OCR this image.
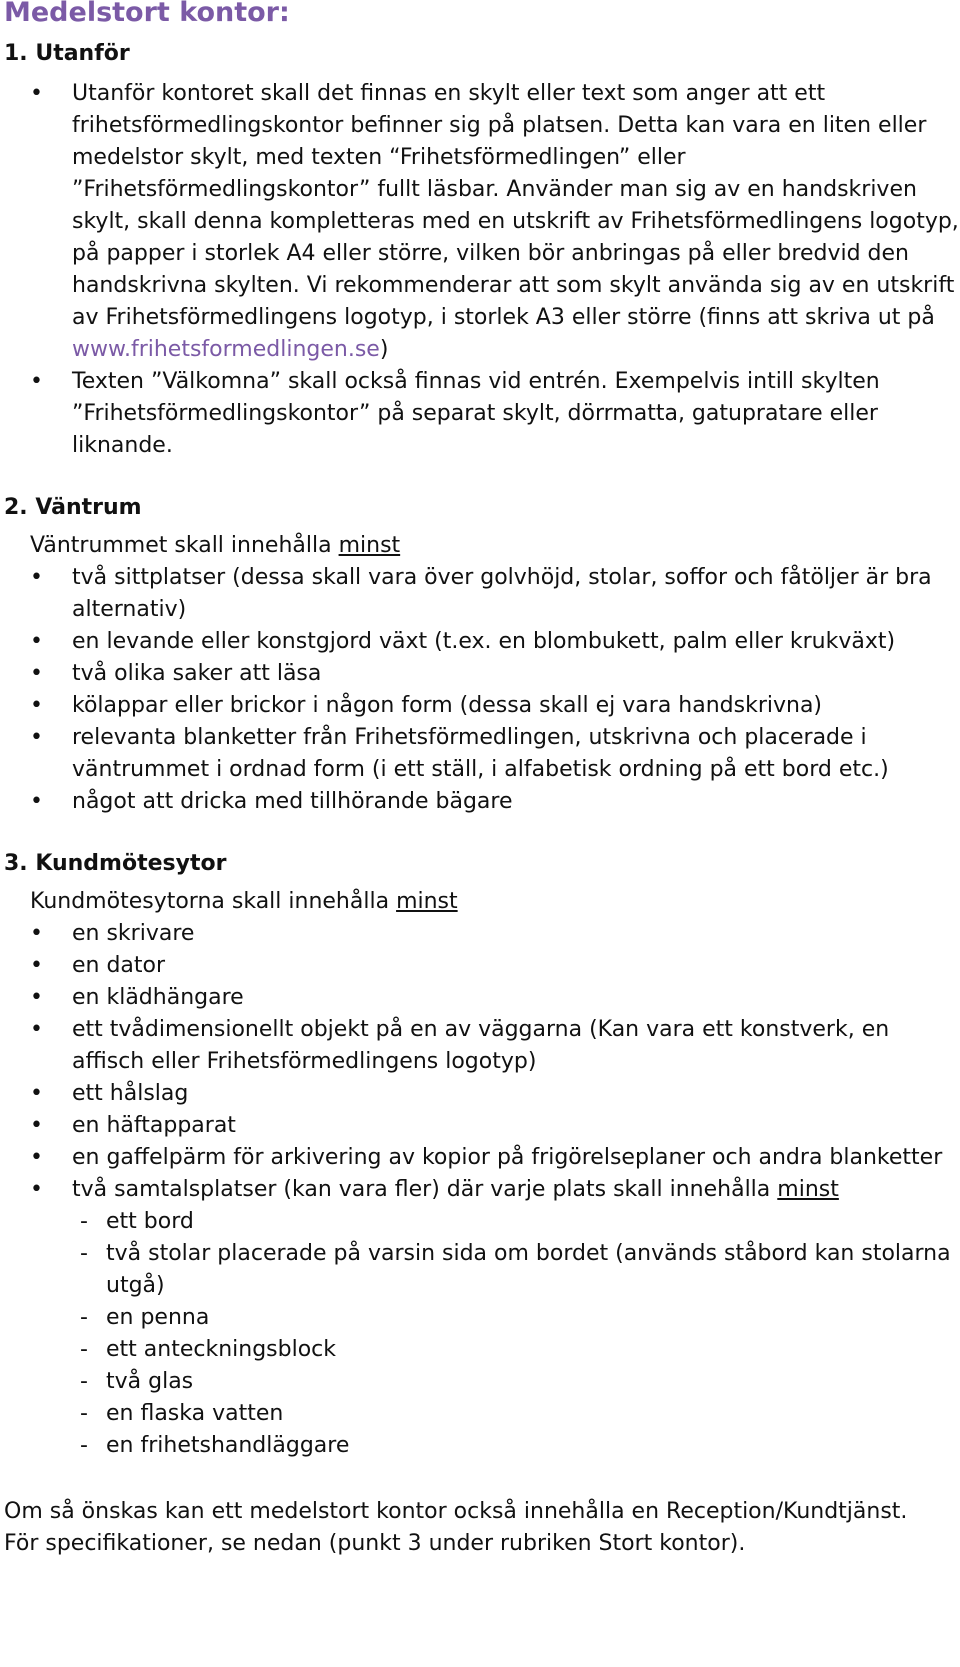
Medelstort kontor:
1. Utanför
• Utanför kontoret skall det finnas en skylt eller text som anger att ett frihetsförmedlingskontor befinner sig på platsen. Detta kan vara en liten eller medelstor skylt, med texten “Frihetsförmedlingen” eller ”Frihetsförmedlingskontor” fullt läsbar. Använder man sig av en handskriven skylt, skall denna kompletteras med en utskrift av Frihetsförmedlingens logotyp, på papper i storlek A4 eller större, vilken bör anbringas på eller bredvid den handskrivna skylten. Vi rekommenderar att som skylt använda sig av en utskrift av Frihetsförmedlingens logotyp, i storlek A3 eller större (finns att skriva ut på www.frihetsformedlingen.se)
• Texten ”Välkomna” skall också finnas vid entrén. Exempelvis intill skylten ”Frihetsförmedlingskontor” på separat skylt, dörrmatta, gatupratare eller liknande.
2. Väntrum

Väntrummet skall innehålla minst

• två sittplatser (dessa skall vara över golvhöjd, stolar, soffor och fåtöljer är bra alternativ)
• en levande eller konstgjord växt (t.ex. en blombukett, palm eller krukväxt)
• två olika saker att läsa
• kölappar eller brickor i någon form (dessa skall ej vara handskrivna)
• relevanta blanketter från Frihetsförmedlingen, utskrivna och placerade i väntrummet i ordnad form (i ett ställ, i alfabetisk ordning på ett bord etc.)
• något att dricka med tillhörande bägare
3. Kundmötesytor

Kundmötesytorna skall innehålla minst

• en skrivare
• en dator
• en klädhängare
• ett tvådimensionellt objekt på en av väggarna (Kan vara ett konstverk, en affisch eller Frihetsförmedlingens logotyp)
• ett hålslag
• en häftapparat
• en gaffelpärm för arkivering av kopior på frigörelseplaner och andra blanketter
• två samtalsplatser (kan vara fler) där varje plats skall innehålla minst
- ett bord
- två stolar placerade på varsin sida om bordet (används ståbord kan stolarna utgå)
- en penna
- ett anteckningsblock
- två glas
- en flaska vatten
- en frihetshandläggare

Om så önskas kan ett medelstort kontor också innehålla en Reception/Kundtjänst.

För specifikationer, se nedan (punkt 3 under rubriken Stort kontor).
